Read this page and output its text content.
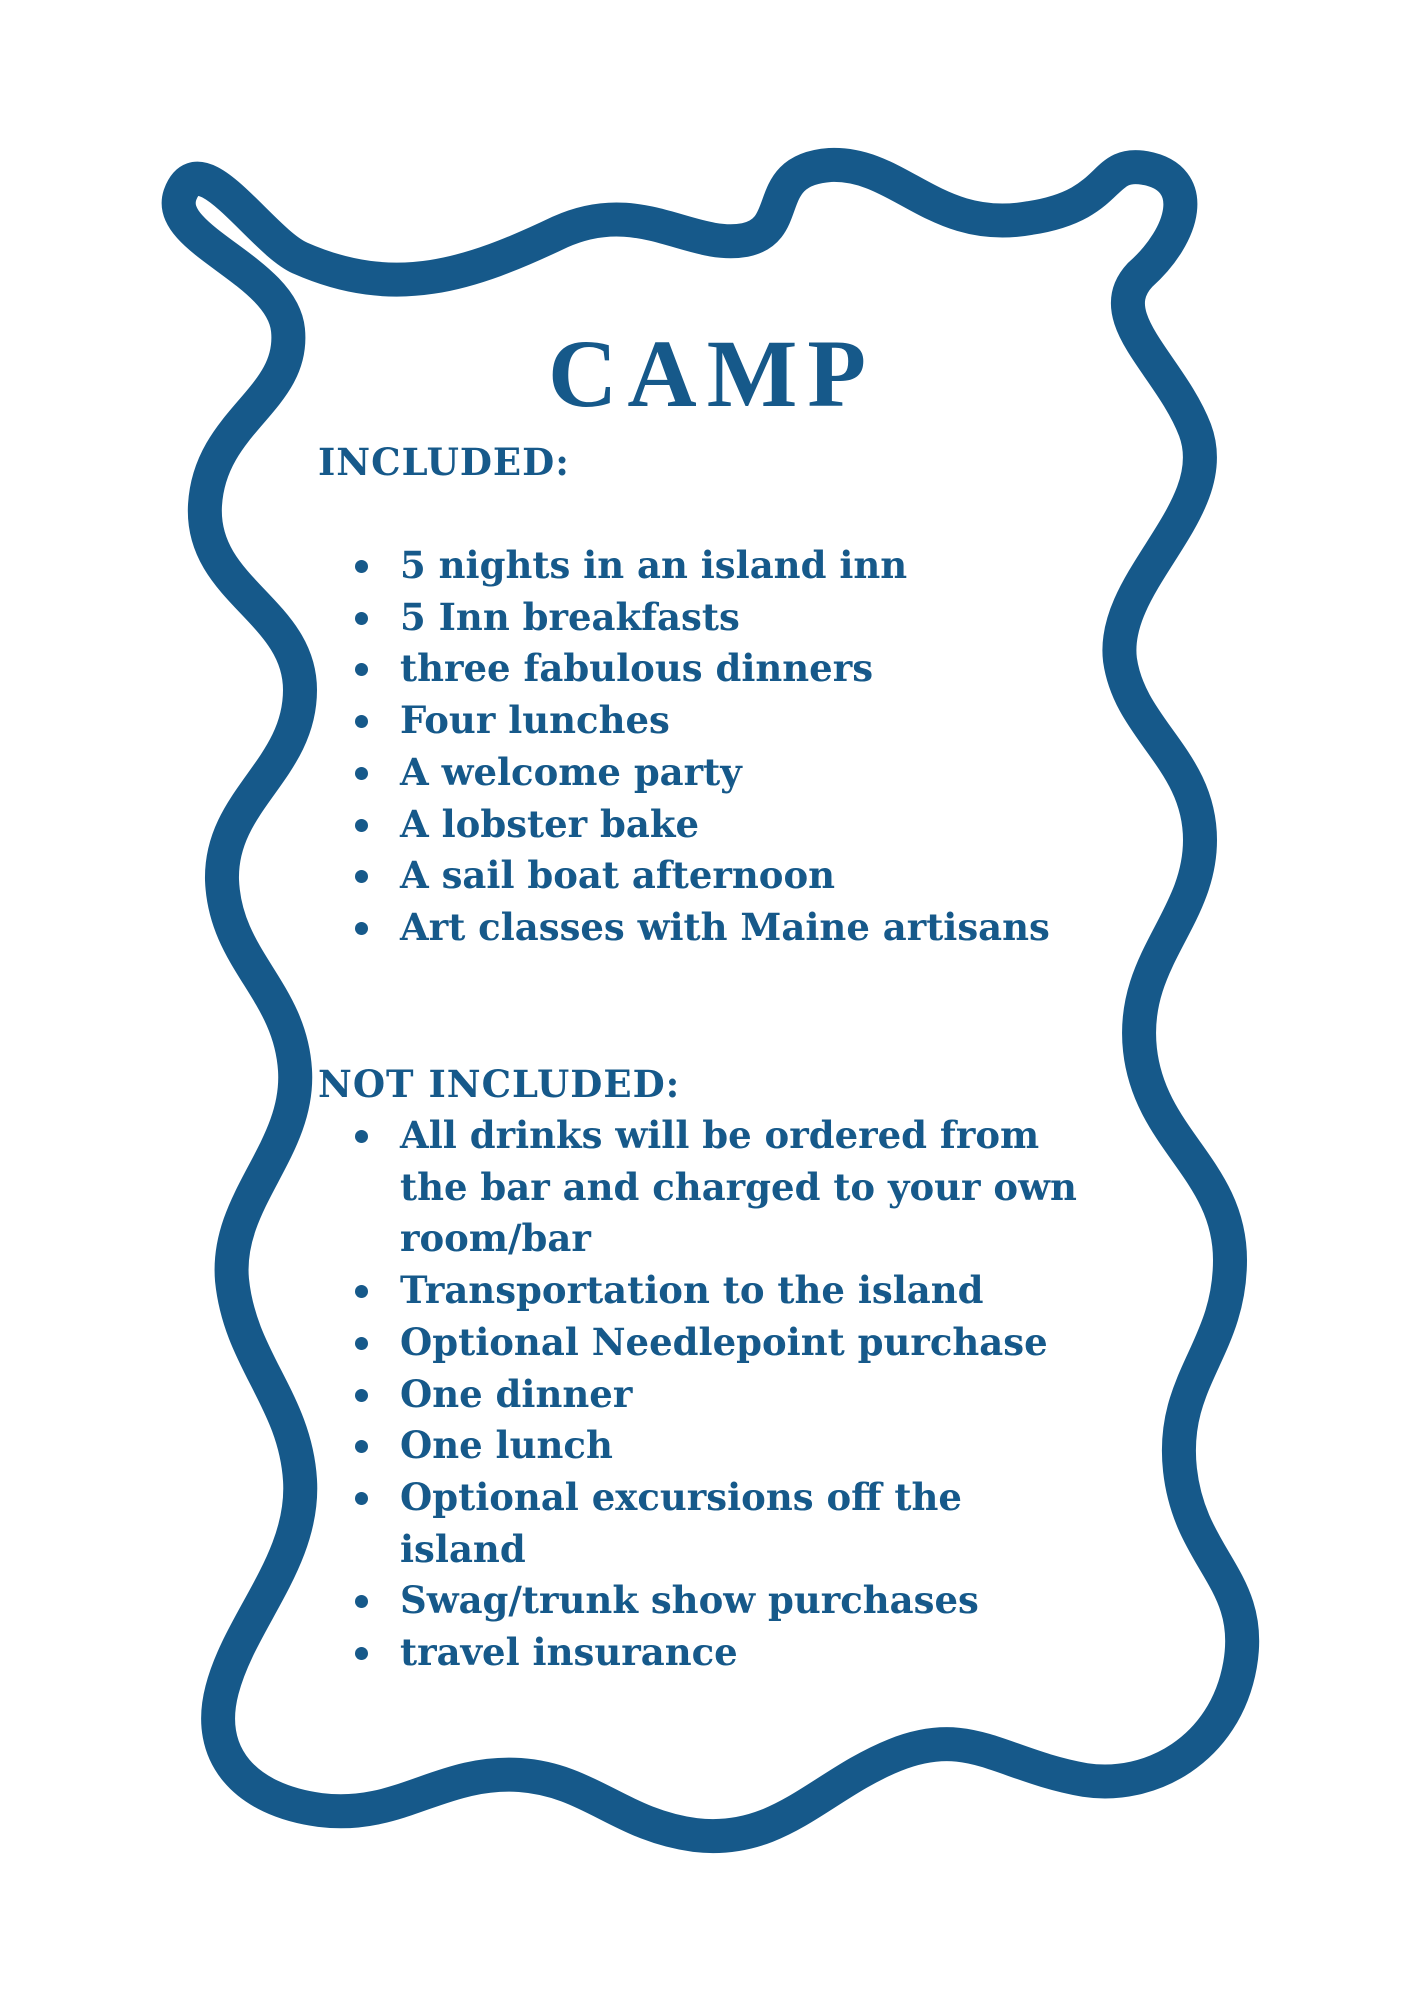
CAMP
INCLUDED:
5 nights in an island inn
5 Inn breakfasts
three fabulous dinners
Four lunches
A welcome party
A lobster bake
A sail boat afternoon
Art classes with Maine artisans
NOT INCLUDED:
All drinks will be ordered from the bar and charged to your own room/bar
Transportation to the island
Optional Needlepoint purchase
One dinner
One lunch
Optional excursions off the island
Swag/trunk show purchases
travel insurance
